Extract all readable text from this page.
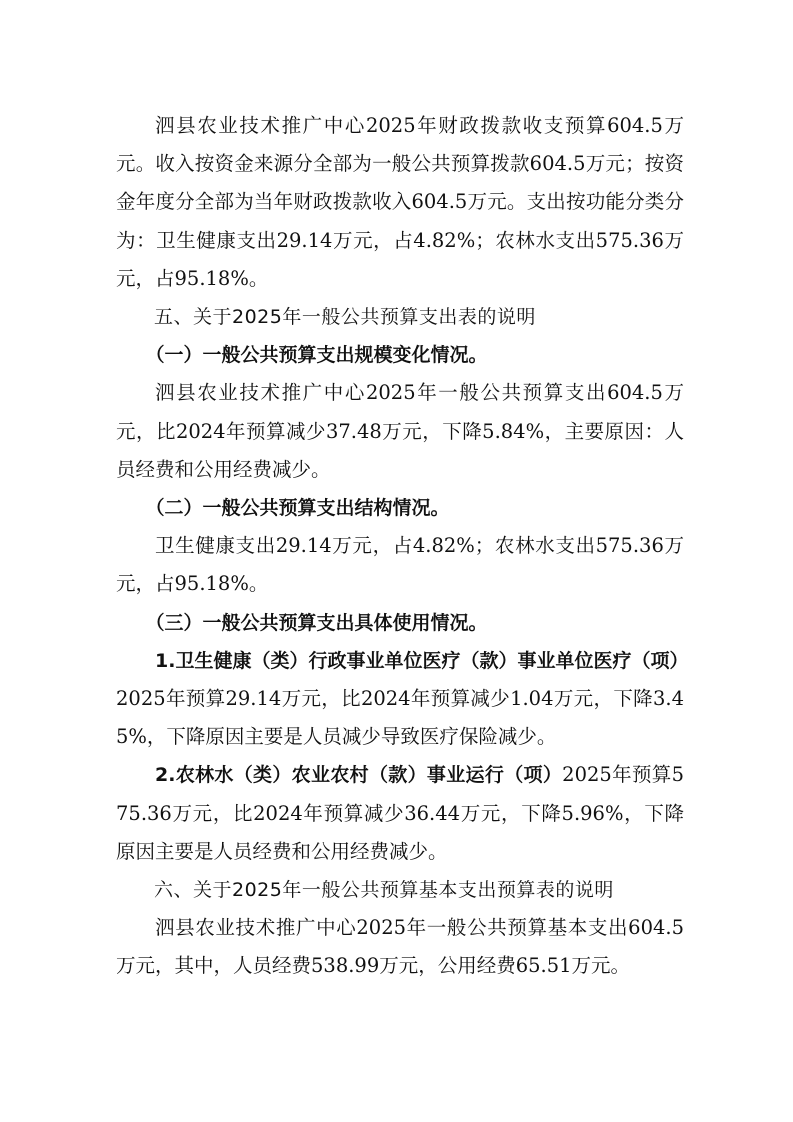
泗县农业技术推广中心2025年财政拨款收支预算604.5万元。收入按资金来源分全部为一般公共预算拨款604.5万元；按资金年度分全部为当年财政拨款收入604.5万元。支出按功能分类分为：卫生健康支出29.14万元，占4.82%；农林水支出575.36万元，占95.18%。

五、关于2025年一般公共预算支出表的说明

（一）一般公共预算支出规模变化情况。

泗县农业技术推广中心2025年一般公共预算支出604.5万元，比2024年预算减少37.48万元，下降5.84%，主要原因：人员经费和公用经费减少。

（二）一般公共预算支出结构情况。

卫生健康支出29.14万元，占4.82%；农林水支出575.36万元，占95.18%。

（三）一般公共预算支出具体使用情况。

1.卫生健康（类）行政事业单位医疗（款）事业单位医疗（项）2025年预算29.14万元，比2024年预算减少1.04万元，下降3.45%，下降原因主要是人员减少导致医疗保险减少。

2.农林水（类）农业农村（款）事业运行（项）2025年预算575.36万元，比2024年预算减少36.44万元，下降5.96%，下降原因主要是人员经费和公用经费减少。

六、关于2025年一般公共预算基本支出预算表的说明

泗县农业技术推广中心2025年一般公共预算基本支出604.5万元，其中，人员经费538.99万元，公用经费65.51万元。
